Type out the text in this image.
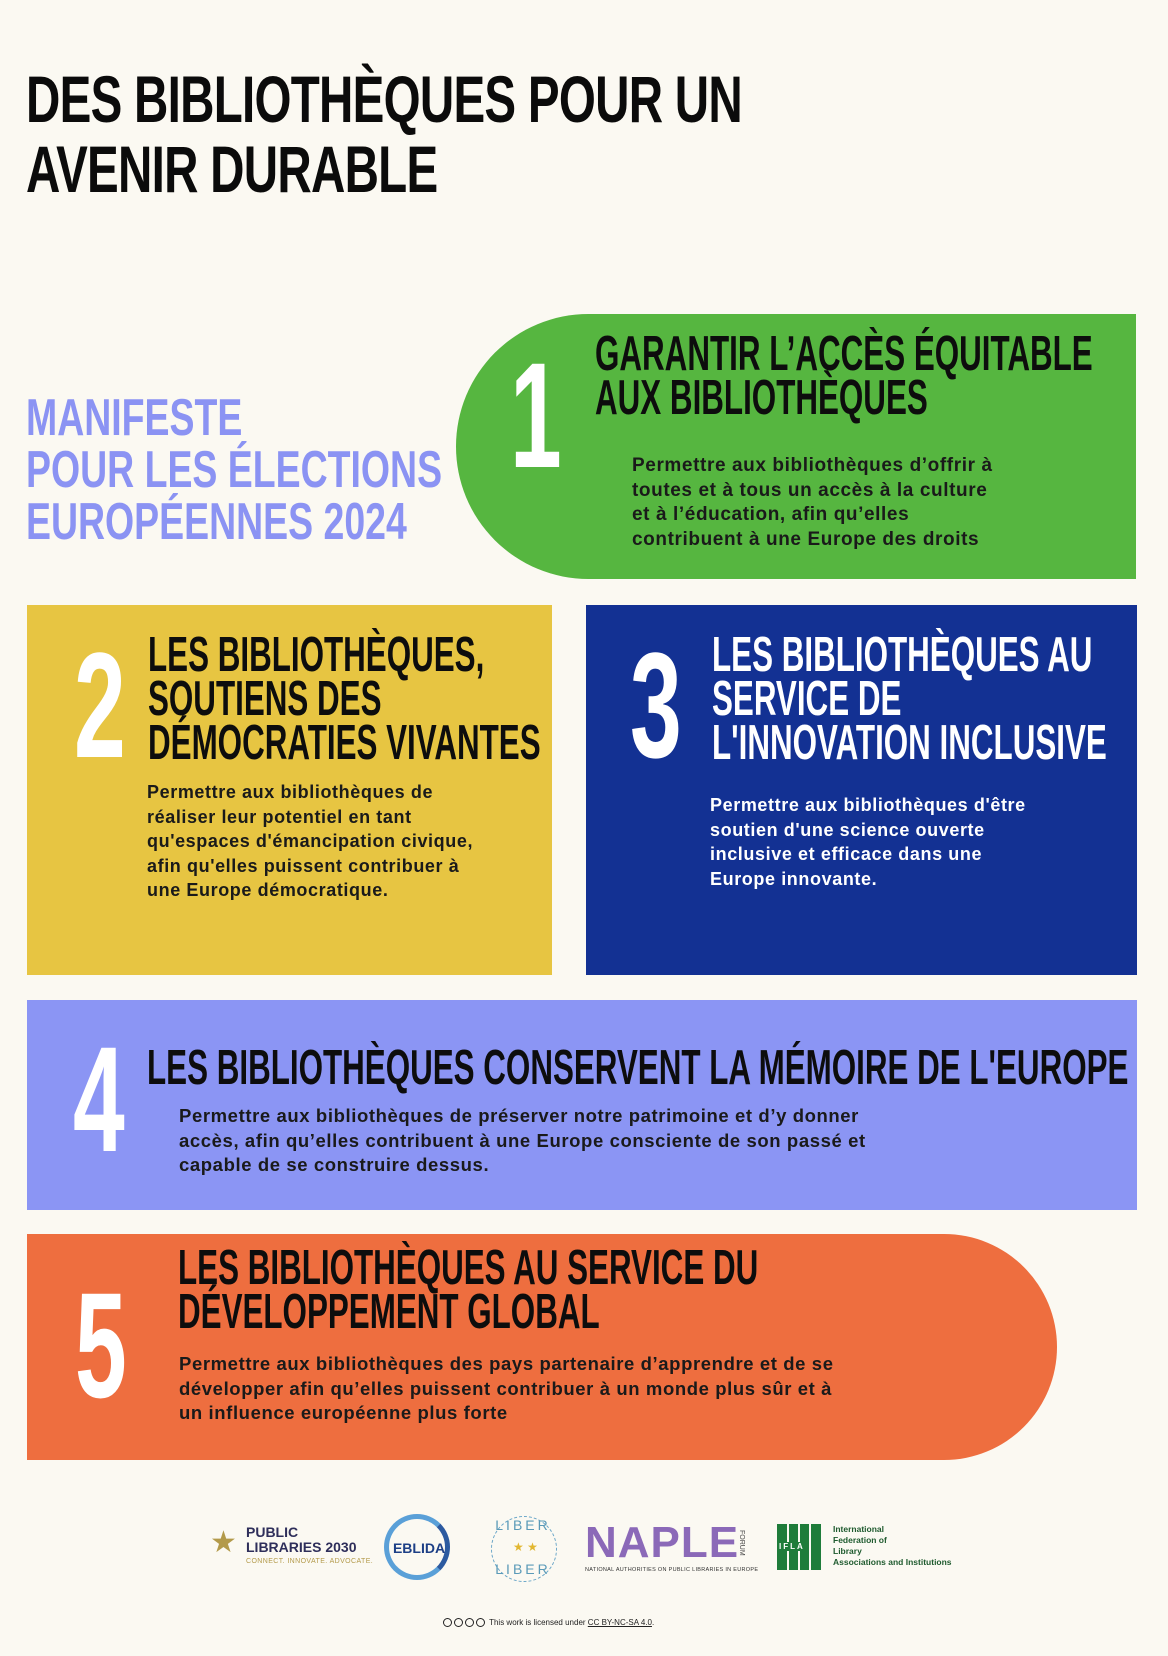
DES BIBLIOTHÈQUES POUR UN
AVENIR DURABLE
MANIFESTE
POUR LES ÉLECTIONS
EUROPÉENNES 2024
1 GARANTIR L’ACCÈS ÉQUITABLE
AUX BIBLIOTHÈQUES
Permettre aux bibliothèques d’offrir à
toutes et à tous un accès à la culture
et à l’éducation, afin qu’elles
contribuent à une Europe des droits
2 LES BIBLIOTHÈQUES,
SOUTIENS DES
DÉMOCRATIES VIVANTES
Permettre aux bibliothèques de
réaliser leur potentiel en tant
qu'espaces d'émancipation civique,
afin qu'elles puissent contribuer à
une Europe démocratique.
3 LES BIBLIOTHÈQUES AU
SERVICE DE
L'INNOVATION INCLUSIVE
Permettre aux bibliothèques d'être
soutien d'une science ouverte
inclusive et efficace dans une
Europe innovante.
4 LES BIBLIOTHÈQUES CONSERVENT LA MÉMOIRE DE L'EUROPE
Permettre aux bibliothèques de préserver notre patrimoine et d’y donner
accès, afin qu’elles contribuent à une Europe consciente de son passé et
capable de se construire dessus.
5 LES BIBLIOTHÈQUES AU SERVICE DU
DÉVELOPPEMENT GLOBAL
Permettre aux bibliothèques des pays partenaire d’apprendre et de se
développer afin qu’elles puissent contribuer à un monde plus sûr et à
un influence européenne plus forte
★ PUBLIC
LIBRARIES 2030
CONNECT. INNOVATE. ADVOCATE.
EBLIDA
LIBER
LIBER
★ ★ NAPLE
FORUM
NATIONAL AUTHORITIES ON PUBLIC LIBRARIES IN EUROPE
IFLA
International
Federation of
Library
Associations and Institutions
This work is licensed under CC BY-NC-SA 4.0.
